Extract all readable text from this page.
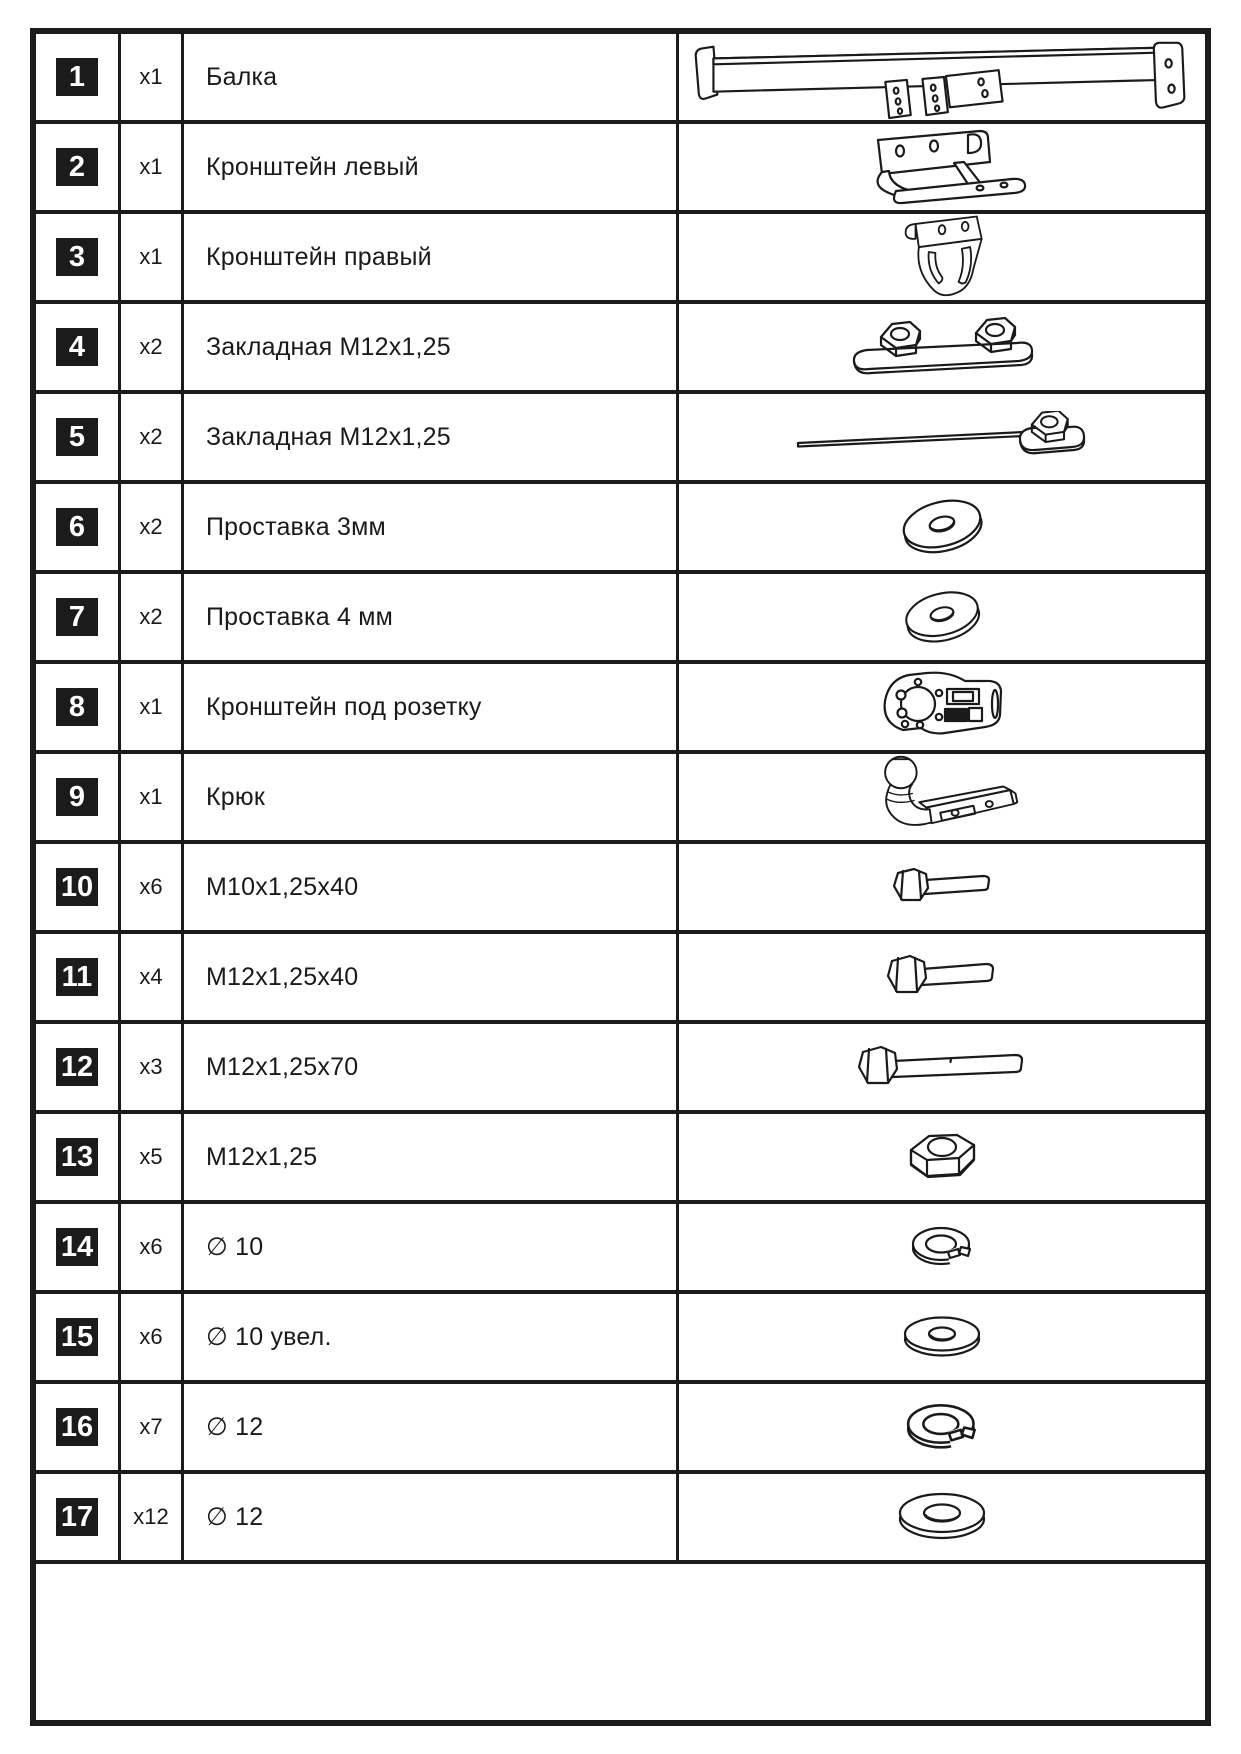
1	x1 Балка
2	x1 Кронштейн левый
3	x1 Кронштейн правый
4	x2 Закладная M12x1,25
5	x2 Закладная M12x1,25
6	x2 Проставка 3мм
7	x2 Проставка 4 мм
8	x1 Кронштейн под розетку
9	x1 Крюк
10 x6 M10x1,25x40
11 x4 M12x1,25x40
12 x3 M12x1,25x70
13 x5 M12x1,25
14 x6 ∅ 10
15 x6 ∅ 10 увел.
16 x7 ∅ 12
17 x12 ∅ 12
